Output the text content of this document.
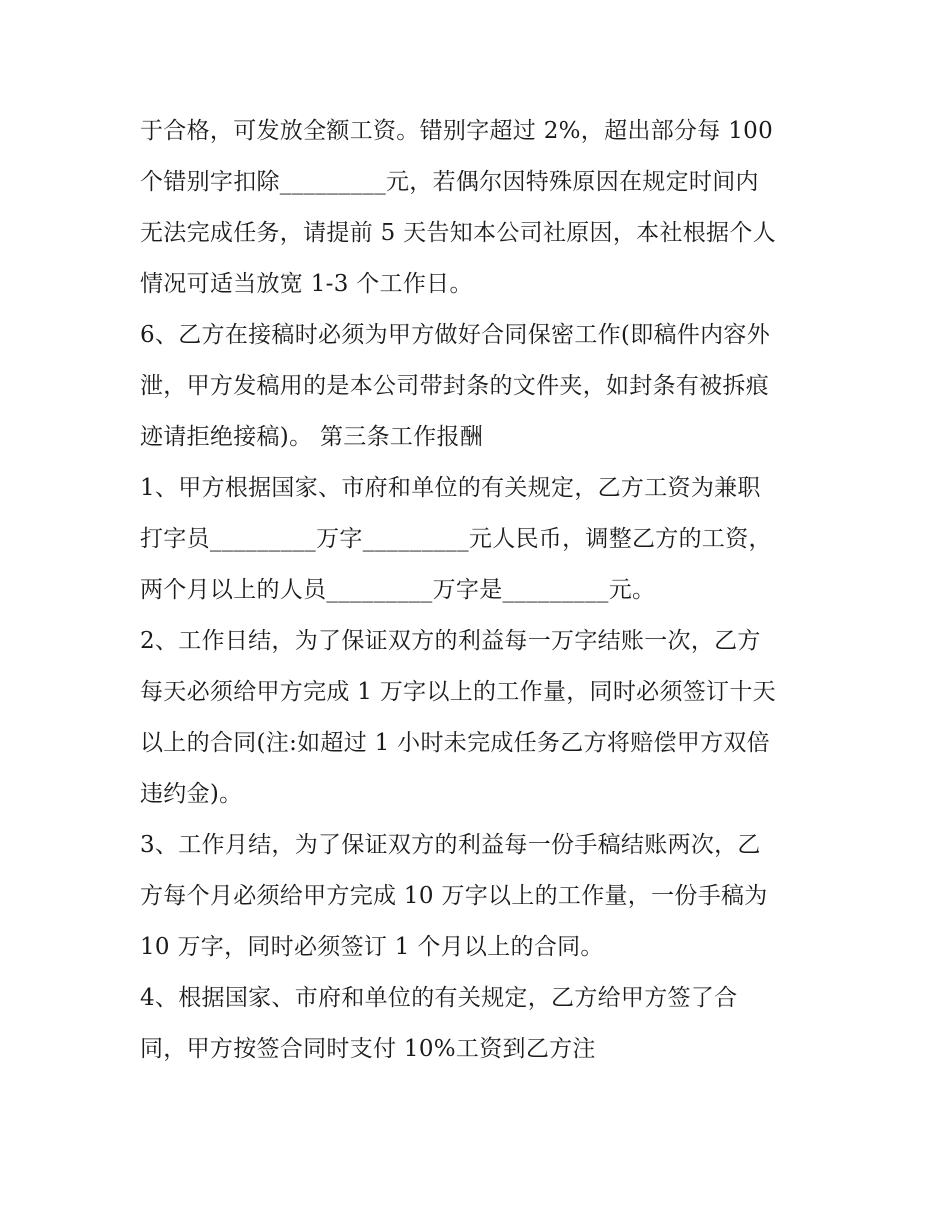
于合格，可发放全额工资。错别字超过 2%，超出部分每 100
个错别字扣除_________元，若偶尔因特殊原因在规定时间内
无法完成任务，请提前 5 天告知本公司社原因，本社根据个人
情况可适当放宽 1-3 个工作日。
6、乙方在接稿时必须为甲方做好合同保密工作(即稿件内容外
泄，甲方发稿用的是本公司带封条的文件夹，如封条有被拆痕
迹请拒绝接稿)。 第三条工作报酬
1、甲方根据国家、市府和单位的有关规定，乙方工资为兼职
打字员_________万字_________元人民币，调整乙方的工资，
两个月以上的人员_________万字是_________元。
2、工作日结，为了保证双方的利益每一万字结账一次，乙方
每天必须给甲方完成 1 万字以上的工作量，同时必须签订十天
以上的合同(注:如超过 1 小时未完成任务乙方将赔偿甲方双倍
违约金)。
3、工作月结，为了保证双方的利益每一份手稿结账两次，乙
方每个月必须给甲方完成 10 万字以上的工作量，一份手稿为
10 万字，同时必须签订 1 个月以上的合同。
4、根据国家、市府和单位的有关规定，乙方给甲方签了合
同，甲方按签合同时支付 10%工资到乙方注
